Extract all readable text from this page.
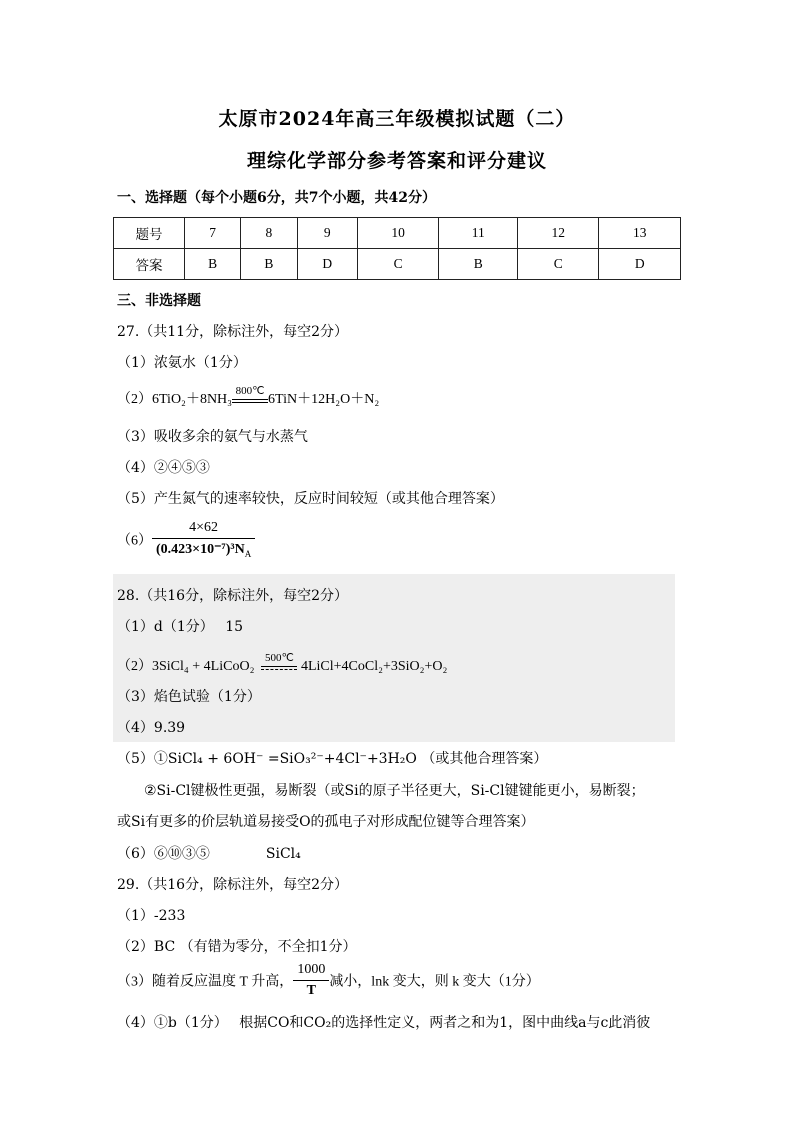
太原市2024年高三年级模拟试题（二）
理综化学部分参考答案和评分建议
一、选择题（每个小题6分，共7个小题，共42分）
题号	7	8	9	10	11	12	13
答案	B	B	D	C	B	C	D
三、非选择题
27.（共11分，除标注外，每空2分）
（1）浓氨水（1分）
（2）6TiO₂＋8NH₃
800℃
6TiN＋12H₂O＋N₂
（3）吸收多余的氨气与水蒸气
（4）②④⑤③
（5）产生氮气的速率较快，反应时间较短（或其他合理答案）
$(6) \frac{4\times 62}{(0.423\times 10^{-7})^3N_A}$
28.（共16分，除标注外，每空2分）
（1）d（1分）　 15
（2）3SiCl₄ + 4LiCoO₂
500℃
4LiCl+4CoCl₂+3SiO₂+O₂
（3）焰色试验（1分）
（4）9.39
（5）①SiCl₄ + 6OH⁻ =SiO₃²⁻+4Cl⁻+3H₂O （或其他合理答案）
②Si-Cl键极性更强，易断裂（或Si的原子半径更大，Si-Cl键键能更小，易断裂；
或Si有更多的价层轨道易接受O的孤电子对形成配位键等合理答案）
（6）⑥⑩③⑤　　　　SiCl₄
29.（共16分，除标注外，每空2分）
（1）-233
（2）BC （有错为零分，不全扣1分）
（3）随着反应温度 T 升高， $\frac{1000}{T}$ 减小，lnk 变大，则 k 变大（1分）
（4）①b（1分）　 根据CO和CO₂的选择性定义，两者之和为1，图中曲线a与c此消彼
